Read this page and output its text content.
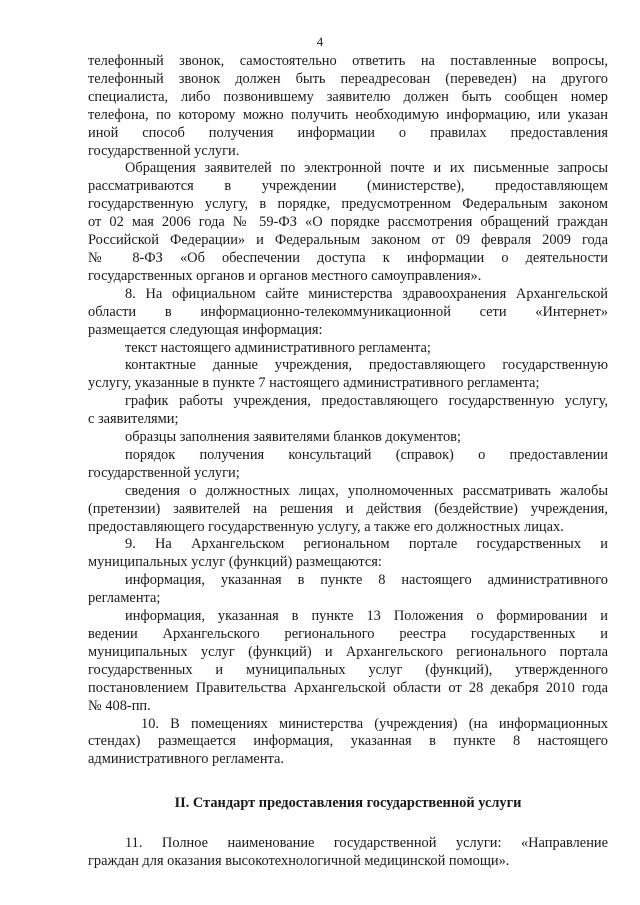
4
телефонный звонок, самостоятельно ответить на поставленные вопросы,
телефонный звонок должен быть переадресован (переведен) на другого
специалиста, либо позвонившему заявителю должен быть сообщен номер
телефона, по которому можно получить необходимую информацию, или указан
иной способ получения информации о правилах предоставления
государственной услуги.
Обращения заявителей по электронной почте и их письменные запросы
рассматриваются в учреждении (министерстве), предоставляющем
государственную услугу, в порядке, предусмотренном Федеральным законом
от 02 мая 2006 года № 59-ФЗ «О порядке рассмотрения обращений граждан
Российской Федерации» и Федеральным законом от 09 февраля 2009 года
№ 8-ФЗ «Об обеспечении доступа к информации о деятельности
государственных органов и органов местного самоуправления».
8. На официальном сайте министерства здравоохранения Архангельской
области в информационно-телекоммуникационной сети «Интернет»
размещается следующая информация:
текст настоящего административного регламента;
контактные данные учреждения, предоставляющего государственную
услугу, указанные в пункте 7 настоящего административного регламента;
график работы учреждения, предоставляющего государственную услугу,
с заявителями;
образцы заполнения заявителями бланков документов;
порядок получения консультаций (справок) о предоставлении
государственной услуги;
сведения о должностных лицах, уполномоченных рассматривать жалобы
(претензии) заявителей на решения и действия (бездействие) учреждения,
предоставляющего государственную услугу, а также его должностных лицах.
9. На Архангельском региональном портале государственных и
муниципальных услуг (функций) размещаются:
информация, указанная в пункте 8 настоящего административного
регламента;
информация, указанная в пункте 13 Положения о формировании и
ведении Архангельского регионального реестра государственных и
муниципальных услуг (функций) и Архангельского регионального портала
государственных и муниципальных услуг (функций), утвержденного
постановлением Правительства Архангельской области от 28 декабря 2010 года
№ 408-пп.
10. В помещениях министерства (учреждения) (на информационных
стендах) размещается информация, указанная в пункте 8 настоящего
административного регламента.
II. Стандарт предоставления государственной услуги
11. Полное наименование государственной услуги: «Направление
граждан для оказания высокотехнологичной медицинской помощи».
